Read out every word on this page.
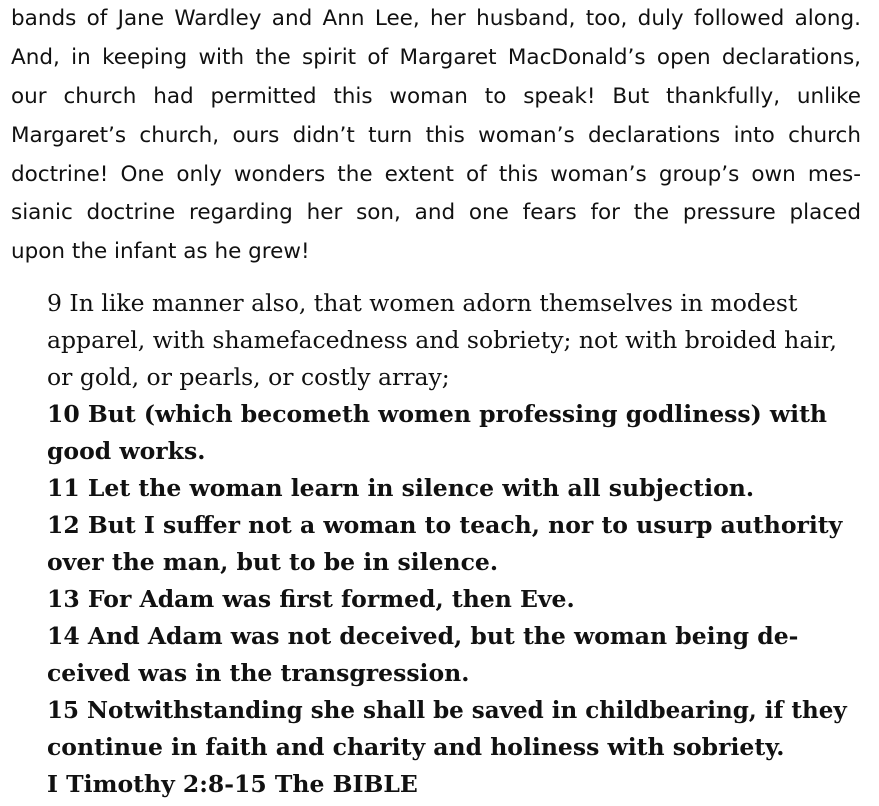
bands of Jane Wardley and Ann Lee, her husband, too, duly followed along.
And, in keeping with the spirit of Margaret MacDonald’s open declarations,
our church had permitted this woman to speak! But thankfully, unlike
Margaret’s church, ours didn’t turn this woman’s declarations into church
doctrine! One only wonders the extent of this woman’s group’s own mes-
sianic doctrine regarding her son, and one fears for the pressure placed
upon the infant as he grew!
9 In like manner also, that women adorn themselves in modest
apparel, with shamefacedness and sobriety; not with broided hair,
or gold, or pearls, or costly array;
10 But (which becometh women professing godliness) with
good works.
11 Let the woman learn in silence with all subjection.
12 But I suffer not a woman to teach, nor to usurp authority
over the man, but to be in silence.
13 For Adam was first formed, then Eve.
14 And Adam was not deceived, but the woman being de-
ceived was in the transgression.
15 Notwithstanding she shall be saved in childbearing, if they
continue in faith and charity and holiness with sobriety.
I Timothy 2:8-15 The BIBLE
